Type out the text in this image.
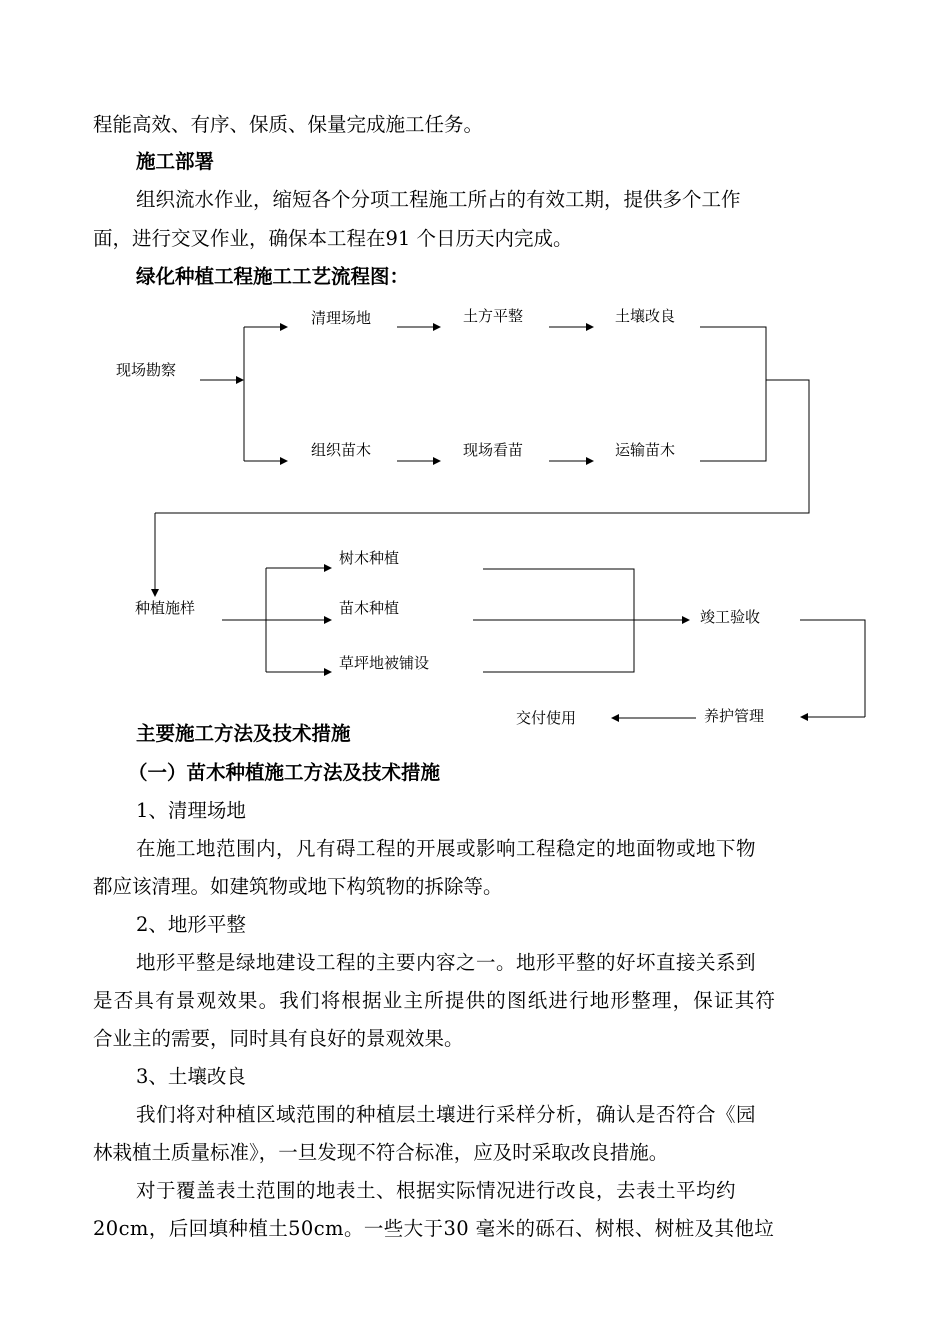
程能高效、有序、保质、保量完成施工任务。
施工部署
组织流水作业，缩短各个分项工程施工所占的有效工期，提供多个工作
面，进行交叉作业，确保本工程在91 个日历天内完成。
绿化种植工程施工工艺流程图：
现场勘察
清理场地	土方平整	土壤改良
组织苗木	现场看苗	运输苗木
种植施样
树木种植
苗木种植
草坪地被铺设
竣工验收
养护管理
交付使用
主要施工方法及技术措施
（一）苗木种植施工方法及技术措施
1、清理场地
在施工地范围内，凡有碍工程的开展或影响工程稳定的地面物或地下物
都应该清理。如建筑物或地下构筑物的拆除等。
2、地形平整
地形平整是绿地建设工程的主要内容之一。地形平整的好坏直接关系到
是否具有景观效果。我们将根据业主所提供的图纸进行地形整理，保证其符
合业主的需要，同时具有良好的景观效果。
3、土壤改良
我们将对种植区域范围的种植层土壤进行采样分析，确认是否符合《园
林栽植土质量标准》，一旦发现不符合标准，应及时采取改良措施。
对于覆盖表土范围的地表土、根据实际情况进行改良，去表土平均约
20cm，后回填种植土50cm。一些大于30 毫米的砾石、树根、树桩及其他垃
